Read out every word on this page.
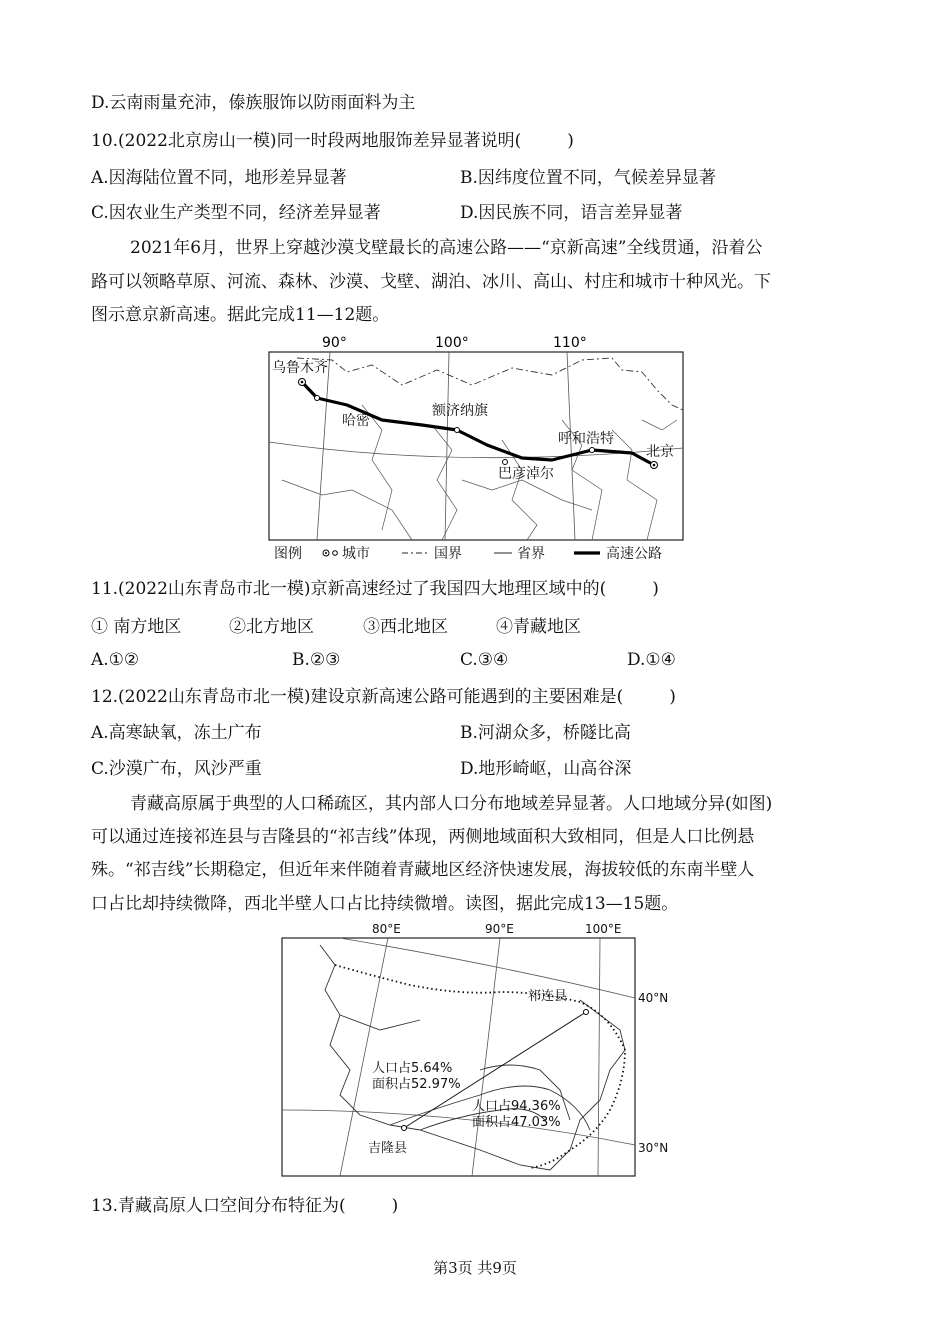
D.云南雨量充沛，傣族服饰以防雨面料为主
10.(2022北京房山一模)同一时段两地服饰差异显著说明(	)
A.因海陆位置不同，地形差异显著	B.因纬度位置不同，气候差异显著
C.因农业生产类型不同，经济差异显著	D.因民族不同，语言差异显著
2021年6月，世界上穿越沙漠戈壁最长的高速公路——“京新高速”全线贯通，沿着公
路可以领略草原、河流、森林、沙漠、戈壁、湖泊、冰川、高山、村庄和城市十种风光。下
图示意京新高速。据此完成11—12题。
90°	100°	110°
乌鲁木齐
哈密
额济纳旗
呼和浩特
巴彦淖尔
北京
图例	城市	国界	省界	高速公路
11.(2022山东青岛市北一模)京新高速经过了我国四大地理区域中的(	)
① 南方地区	②北方地区	③西北地区	④青藏地区
A.①②	B.②③	C.③④	D.①④
12.(2022山东青岛市北一模)建设京新高速公路可能遇到的主要困难是(	)
A.高寒缺氧，冻土广布	B.河湖众多，桥隧比高
C.沙漠广布，风沙严重	D.地形崎岖，山高谷深
青藏高原属于典型的人口稀疏区，其内部人口分布地域差异显著。人口地域分异(如图)
可以通过连接祁连县与吉隆县的“祁吉线”体现，两侧地域面积大致相同，但是人口比例悬
殊。“祁吉线”长期稳定，但近年来伴随着青藏地区经济快速发展，海拔较低的东南半壁人
口占比却持续微降，西北半壁人口占比持续微增。读图，据此完成13—15题。
80°E	90°E	100°E
40°N
30°N
祁连县
吉隆县
人口占5.64%
面积占52.97%
人口占94.36%
面积占47.03%
13.青藏高原人口空间分布特征为(	)
第3页 共9页
